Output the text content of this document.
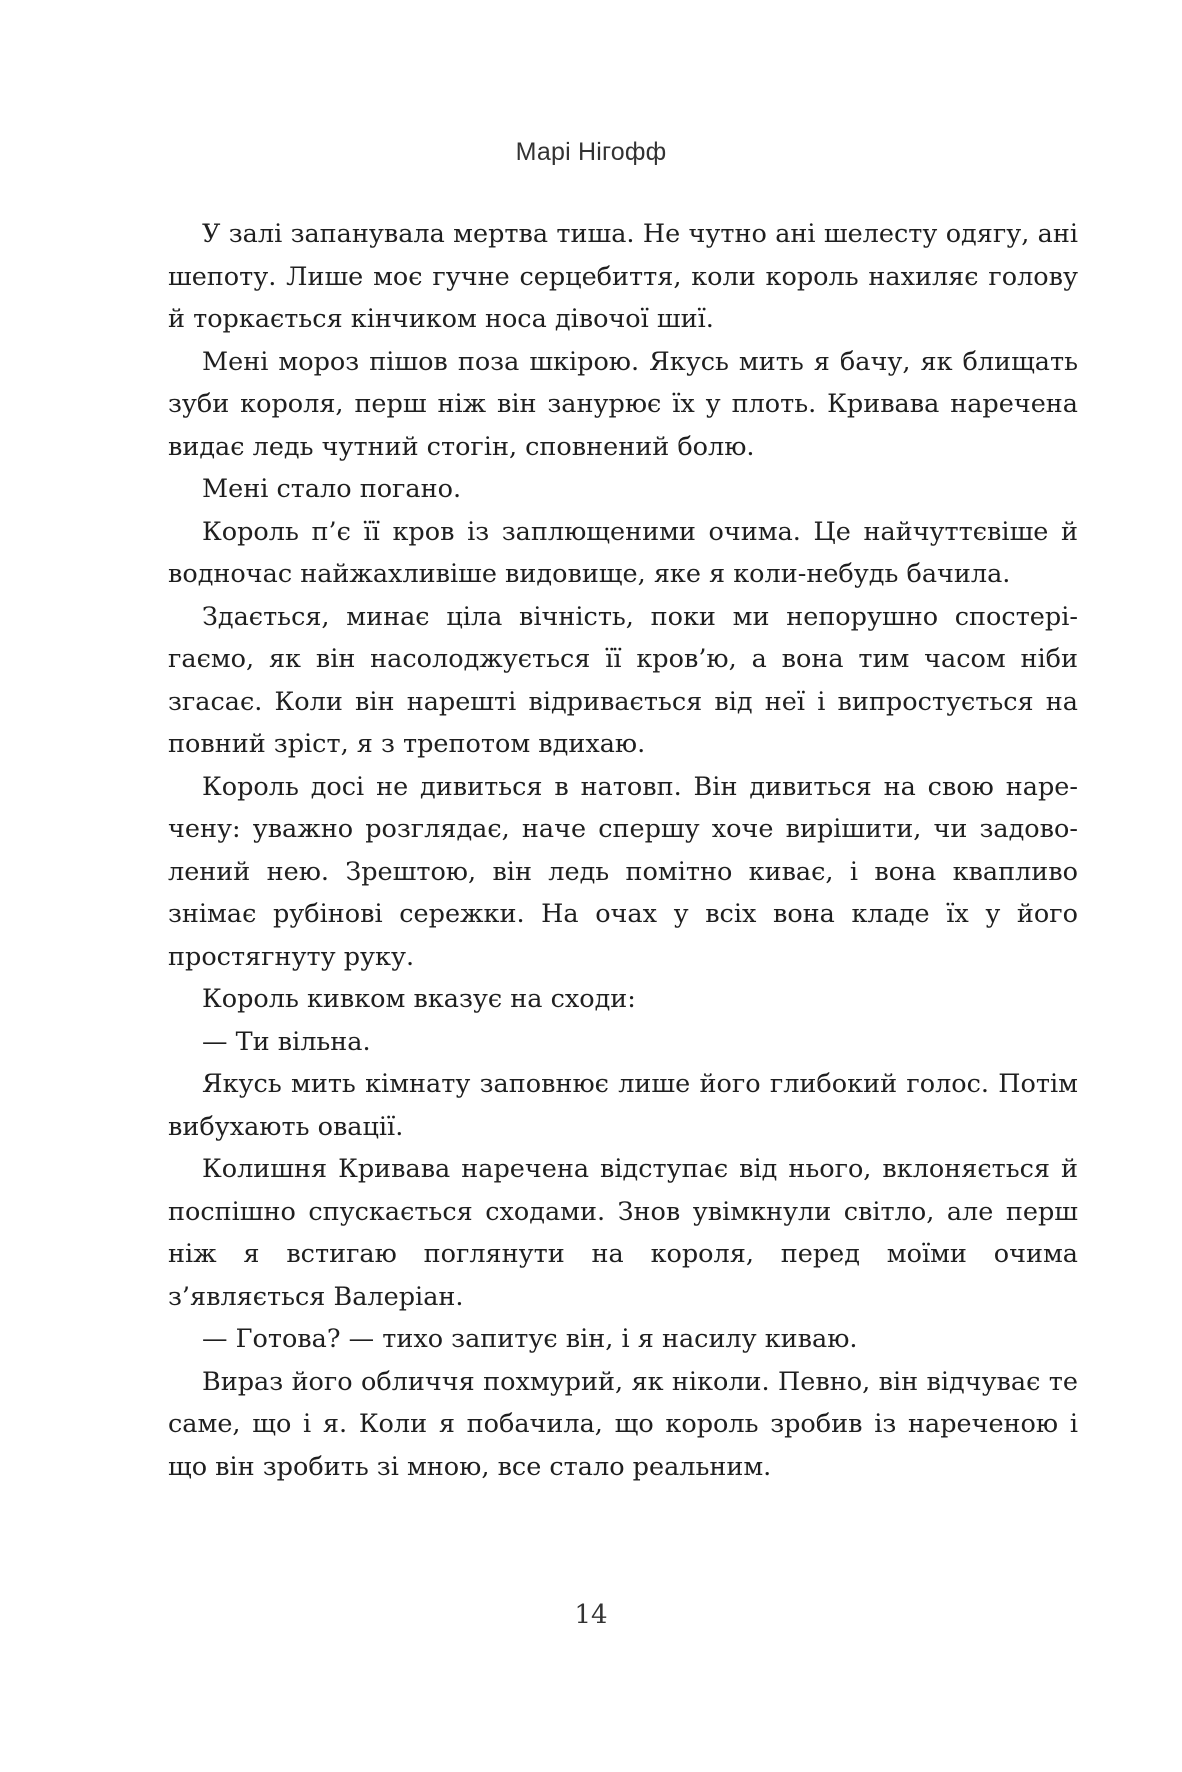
Марі Нігофф

У залі запанувала мертва тиша. Не чутно ані шелесту одягу, ані шепоту. Лише моє гучне серцебиття, коли король нахиляє голову й торкається кінчиком носа дівочої шиї.

Мені мороз пішов поза шкірою. Якусь мить я бачу, як блищать зуби короля, перш ніж він занурює їх у плоть. Кривава наречена видає ледь чутний стогін, сповнений болю.

Мені стало погано.

Король п’є її кров із заплющеними очима. Це найчуттєвіше й водночас найжахливіше видовище, яке я коли-небудь бачила.

Здається, минає ціла вічність, поки ми непорушно спостерігаємо, як він насолоджується її кров’ю, а вона тим часом ніби згасає. Коли він нарешті відривається від неї і випростується на повний зріст, я з трепотом вдихаю.

Король досі не дивиться в натовп. Він дивиться на свою наречену: уважно розглядає, наче спершу хоче вирішити, чи задоволений нею. Зрештою, він ледь помітно киває, і вона квапливо знімає рубінові сережки. На очах у всіх вона кладе їх у його простягнуту руку.

Король кивком вказує на сходи:

— Ти вільна.

Якусь мить кімнату заповнює лише його глибокий голос. Потім вибухають овації.

Колишня Кривава наречена відступає від нього, вклоняється й поспішно спускається сходами. Знов увімкнули світло, але перш ніж я встигаю поглянути на короля, перед моїми очима з’являється Валеріан.

— Готова? — тихо запитує він, і я насилу киваю.

Вираз його обличчя похмурий, як ніколи. Певно, він відчуває те саме, що і я. Коли я побачила, що король зробив із нареченою і що він зробить зі мною, все стало реальним.

14
